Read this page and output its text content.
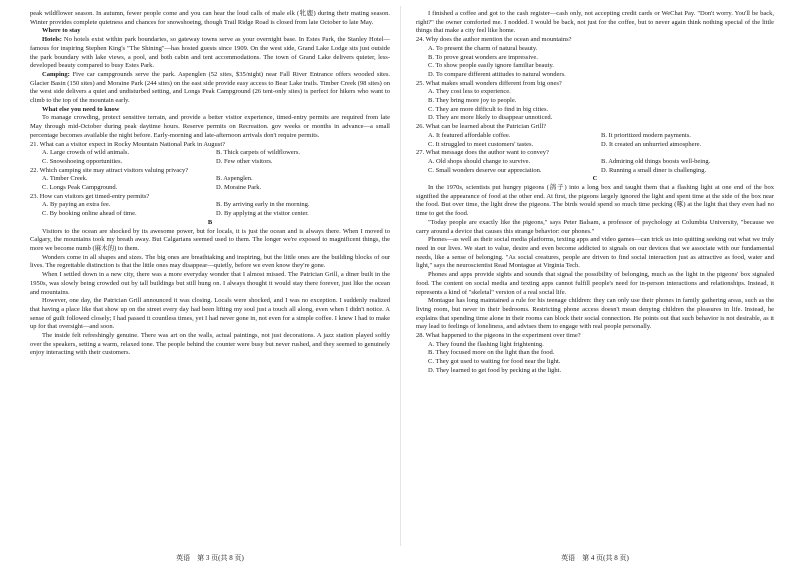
peak wildflower season. In autumn, fewer people come and you can hear the loud calls of male elk (牝鹿) during their mating season. Winter provides complete quietness and chances for snowshoeing, though Trail Ridge Road is closed from late October to late May.

Where to stay

Hotels: No hotels exist within park boundaries, so gateway towns serve as your overnight base. In Estes Park, the Stanley Hotel—famous for inspiring Stephen King's "The Shining"—has hosted guests since 1909. On the west side, Grand Lake Lodge sits just outside the park boundary with lake views, a pool, and both cabin and tent accommodations. The town of Grand Lake delivers quieter, less-developed beauty compared to busy Estes Park.

Camping: Five car campgrounds serve the park. Aspenglen (52 sites, $35/night) near Fall River Entrance offers wooded sites. Glacier Basin (150 sites) and Moraine Park (244 sites) on the east side provide easy access to Bear Lake trails. Timber Creek (98 sites) on the west side delivers a quiet and undisturbed setting, and Longs Peak Campground (26 tent-only sites) is perfect for hikers who want to climb to the top of the mountain early.

What else you need to know

To manage crowding, protect sensitive terrain, and provide a better visitor experience, timed-entry permits are required from late May through mid-October during peak daytime hours. Reserve permits on Recreation. gov weeks or months in advance—a small percentage becomes available the night before. Early-morning and late-afternoon arrivals don't require permits.

21. What can a visitor expect in Rocky Mountain National Park in August?

A. Large crowds of wild animals.	B. Thick carpets of wildflowers.
C. Snowshoeing opportunities.	D. Few other visitors.

22. Which camping site may attract visitors valuing privacy?

A. Timber Creek.	B. Aspenglen.
C. Longs Peak Campground.	D. Moraine Park.

23. How can visitors get timed-entry permits?

A. By paying an extra fee.	B. By arriving early in the morning.
C. By booking online ahead of time.	D. By applying at the visitor center.

B

Visitors to the ocean are shocked by its awesome power, but for locals, it is just the ocean and is always there. When I moved to Calgary, the mountains took my breath away. But Calgarians seemed used to them. The longer we're exposed to magnificent things, the more we become numb (麻木的) to them.

Wonders come in all shapes and sizes. The big ones are breathtaking and inspiring, but the little ones are the building blocks of our lives. The regrettable distinction is that the little ones may disappear—quietly, before we even know they're gone.

When I settled down in a new city, there was a more everyday wonder that I almost missed. The Patrician Grill, a diner built in the 1950s, was slowly being crowded out by tall buildings but still hung on. I always thought it would stay there forever, just like the ocean and mountains.

However, one day, the Patrician Grill announced it was closing. Locals were shocked, and I was no exception. I suddenly realized that having a place like that show up on the street every day had been lifting my soul just a touch all along, even when I didn't notice. A sense of guilt followed closely; I had passed it countless times, yet I had never gone in, not even for a simple coffee. I knew I had to make up for that oversight—and soon.

The inside felt refreshingly genuine. There was art on the walls, actual paintings, not just decorations. A jazz station played softly over the speakers, setting a warm, relaxed tone. The people behind the counter were busy but never rushed, and they seemed to genuinely enjoy interacting with their customers.

I finished a coffee and got to the cash register—cash only, not accepting credit cards or WeChat Pay. "Don't worry. You'll be back, right?" the owner comforted me. I nodded. I would be back, not just for the coffee, but to never again think nothing special of the little things that make a city feel like home.

24. Why does the author mention the ocean and mountains?

A. To present the charm of natural beauty.

B. To prove great wonders are impressive.

C. To show people easily ignore familiar beauty.

D. To compare different attitudes to natural wonders.

25. What makes small wonders different from big ones?

A. They cost less to experience.

B. They bring more joy to people.

C. They are more difficult to find in big cities.

D. They are more likely to disappear unnoticed.

26. What can be learned about the Patrician Grill?

A. It featured affordable coffee.	B. It prioritized modern payments.
C. It struggled to meet customers' tastes.	D. It created an unhurried atmosphere.

27. What message does the author want to convey?

A. Old shops should change to survive.	B. Admiring old things boosts well-being.
C. Small wonders deserve our appreciation.	D. Running a small diner is challenging.

C

In the 1970s, scientists put hungry pigeons (鸽子) into a long box and taught them that a flashing light at one end of the box signified the appearance of food at the other end. At first, the pigeons largely ignored the light and spent time at the side of the box near the food. But over time, the light drew the pigeons. The birds would spend so much time pecking (啄) at the light that they even had no time to get the food.

"Today people are exactly like the pigeons," says Peter Balsam, a professor of psychology at Columbia University, "because we carry around a device that causes this strange behavior: our phones."

Phones—as well as their social media platforms, texting apps and video games—can trick us into quitting seeking out what we truly need in our lives. We start to value, desire and even become addicted to signals on our devices that we associate with our fundamental needs, like a sense of belonging. "As social creatures, people are driven to find social interaction just as attractive as food, water and light," says the neuroscientist Read Montague at Virginia Tech.

Phones and apps provide sights and sounds that signal the possibility of belonging, much as the light in the pigeons' box signaled food. The content on social media and texting apps cannot fulfill people's need for in-person interactions and relationships. Instead, it represents a kind of "skeletal" version of a real social life.

Montague has long maintained a rule for his teenage children: they can only use their phones in family gathering areas, such as the living room, but never in their bedrooms. Restricting phone access doesn't mean denying children the pleasures in life. Instead, he explains that spending time alone in their rooms can block their social connection. He points out that such behavior is not desirable, as it may lead to feelings of loneliness, and advises them to engage with real people personally.

28. What happened to the pigeons in the experiment over time?

A. They found the flashing light frightening.

B. They focused more on the light than the food.

C. They got used to waiting for food near the light.

D. They learned to get food by pecking at the light.

英语　第 3 页(共 8 页)	英语　第 4 页(共 8 页)
